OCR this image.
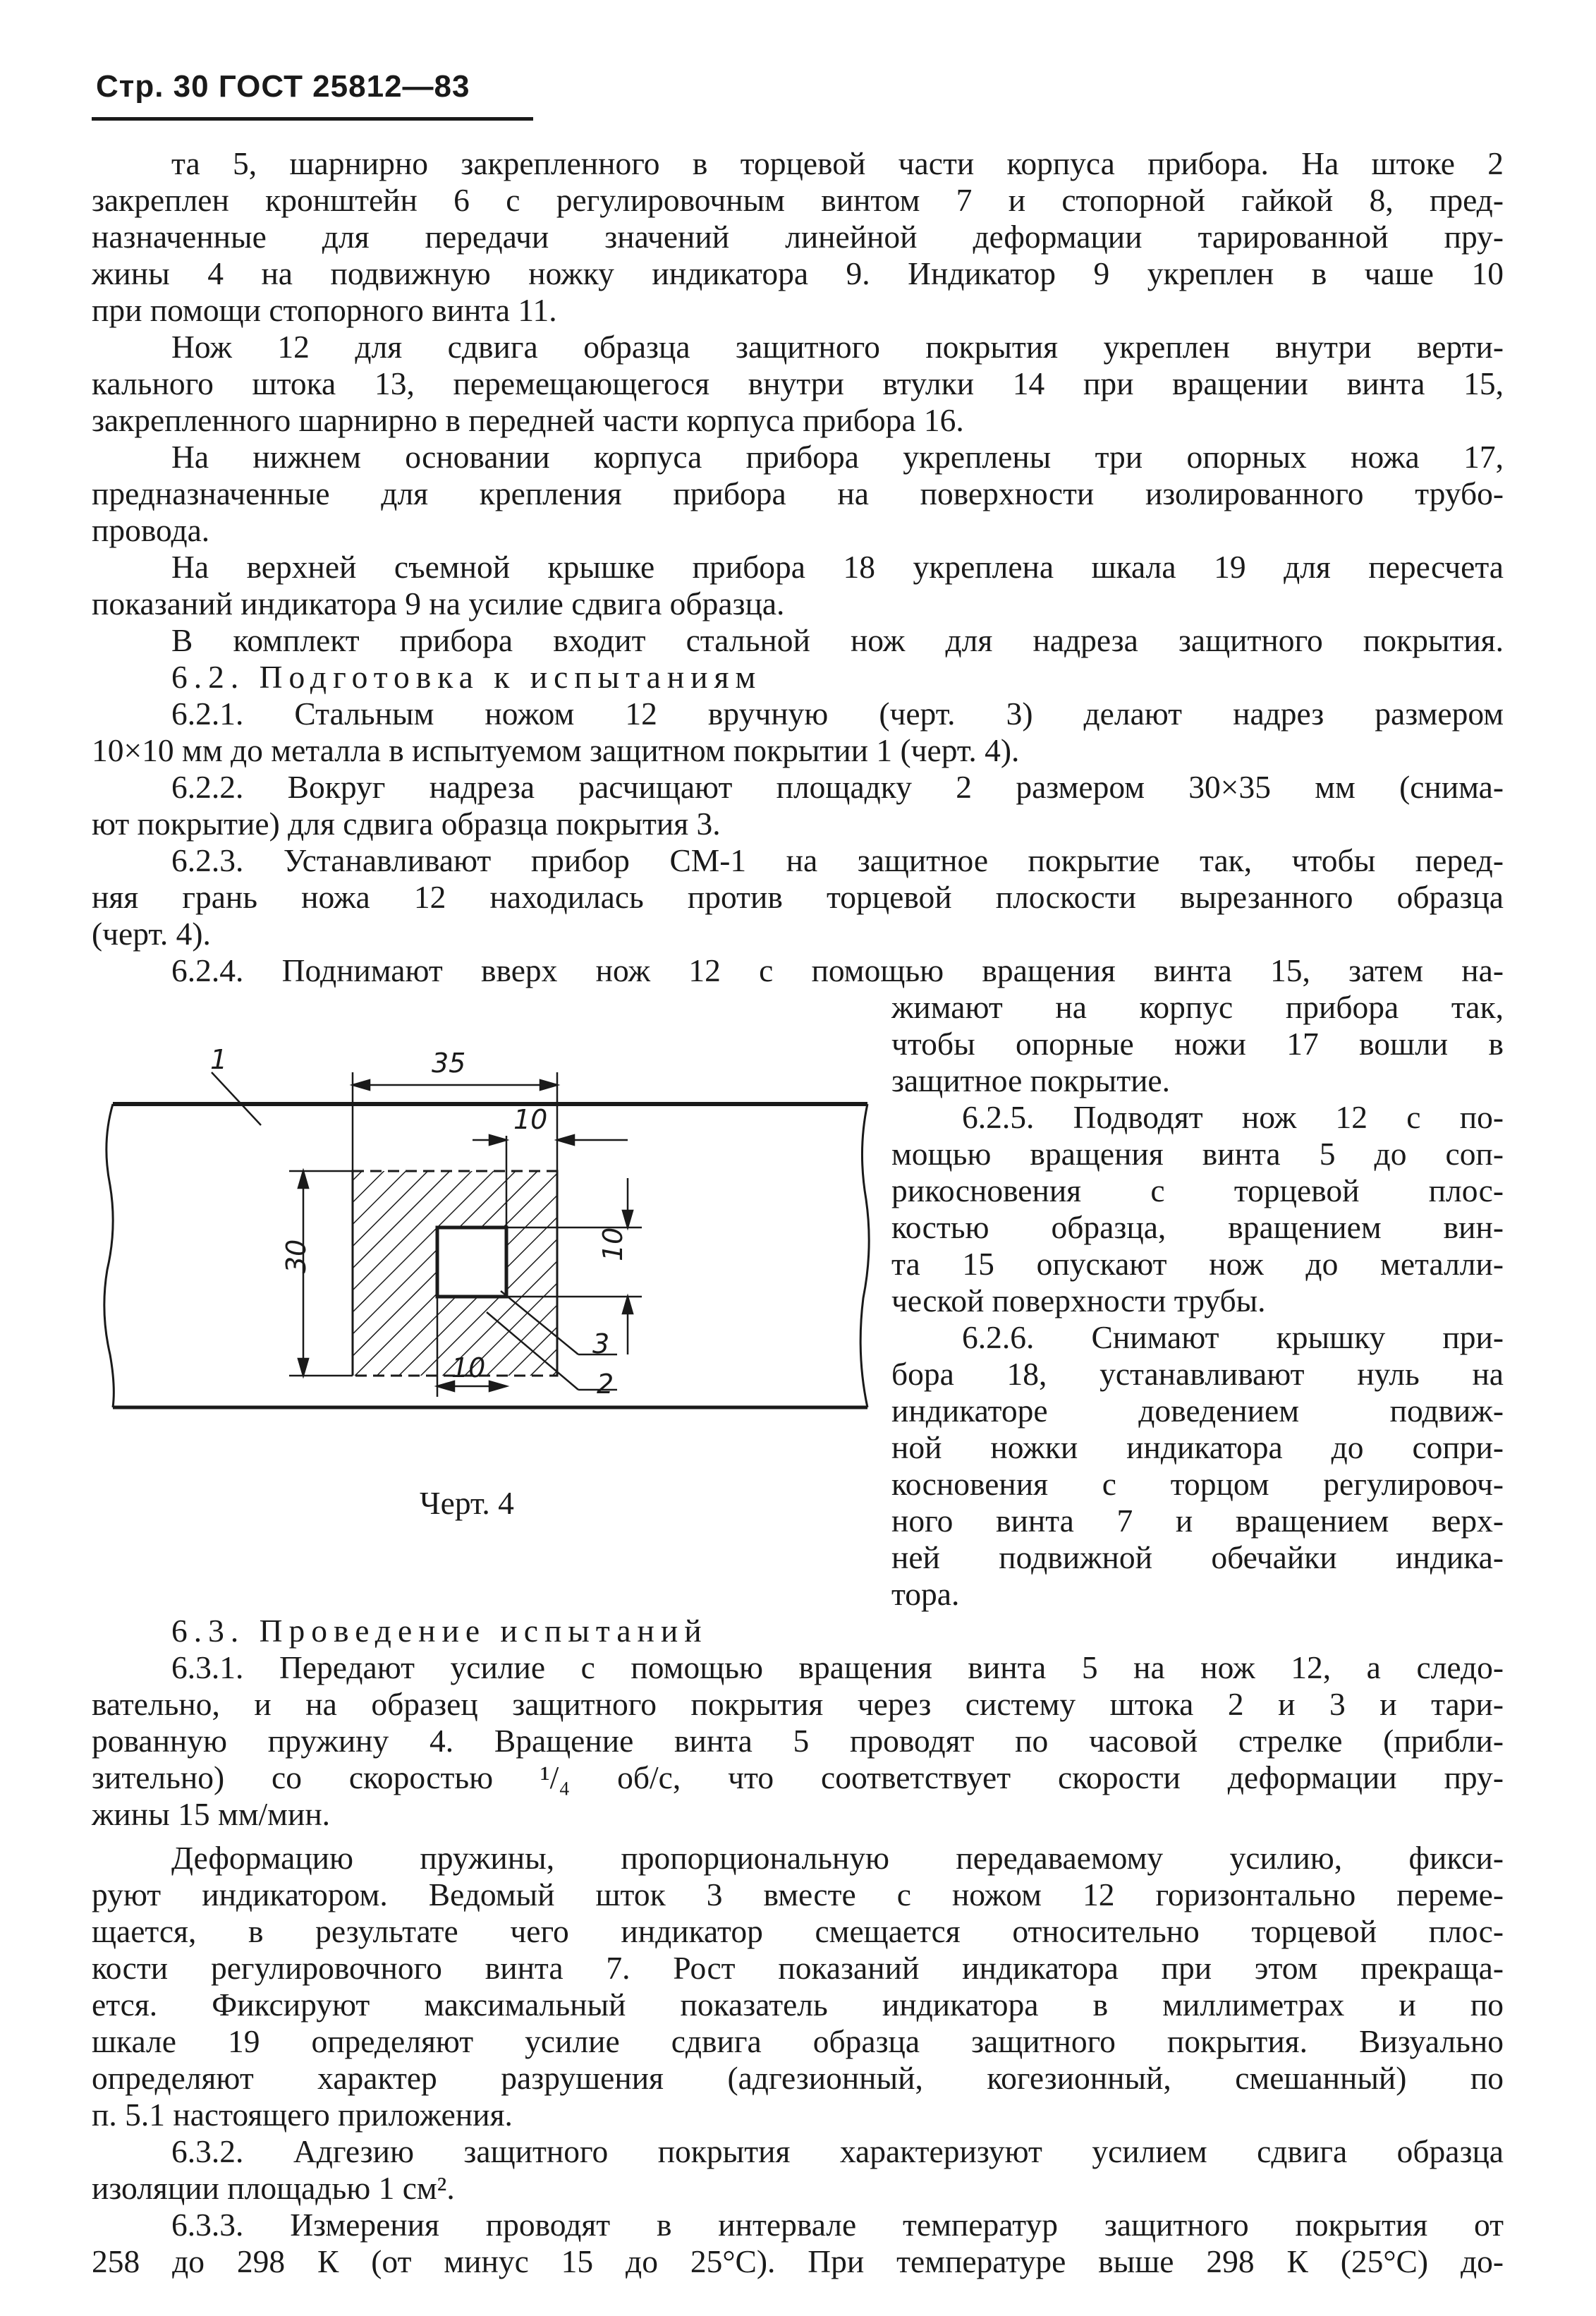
Стр. 30 ГОСТ 25812—83
та 5, шарнирно закрепленного в торцевой части корпуса прибора. На штоке 2
закреплен кронштейн 6 с регулировочным винтом 7 и стопорной гайкой 8, пред-
назначенные для передачи значений линейной деформации тарированной пру-
жины 4 на подвижную ножку индикатора 9. Индикатор 9 укреплен в чаше 10
при помощи стопорного винта 11.
Нож 12 для сдвига образца защитного покрытия укреплен внутри верти-
кального штока 13, перемещающегося внутри втулки 14 при вращении винта 15,
закрепленного шарнирно в передней части корпуса прибора 16.
На нижнем основании корпуса прибора укреплены три опорных ножа 17,
предназначенные для крепления прибора на поверхности изолированного трубо-
провода.
На верхней съемной крышке прибора 18 укреплена шкала 19 для пересчета
показаний индикатора 9 на усилие сдвига образца.
В комплект прибора входит стальной нож для надреза защитного покрытия.
6.2. Подготовка к испытаниям
6.2.1. Стальным ножом 12 вручную (черт. 3) делают надрез размером
10×10 мм до металла в испытуемом защитном покрытии 1 (черт. 4).
6.2.2. Вокруг надреза расчищают площадку 2 размером 30×35 мм (снима-
ют покрытие) для сдвига образца покрытия 3.
6.2.3. Устанавливают прибор СМ-1 на защитное покрытие так, чтобы перед-
няя грань ножа 12 находилась против торцевой плоскости вырезанного образца
(черт. 4).
6.2.4. Поднимают вверх нож 12 с помощью вращения винта 15, затем на-
жимают на корпус прибора так,
чтобы опорные ножи 17 вошли в
защитное покрытие.
6.2.5. Подводят нож 12 с по-
мощью вращения винта 5 до соп-
рикосновения с торцевой плос-
костью образца, вращением вин-
та 15 опускают нож до металли-
ческой поверхности трубы.
6.2.6. Снимают крышку при-
бора 18, устанавливают нуль на
индикаторе доведением подвиж-
ной ножки индикатора до сопри-
косновения с торцом регулировоч-
ного винта 7 и вращением верх-
ней подвижной обечайки индика-
тора.
1	35
10
30	10
3
2
10
Черт. 4
6.3. Проведение испытаний
6.3.1. Передают усилие с помощью вращения винта 5 на нож 12, а следо-
вательно, и на образец защитного покрытия через систему штока 2 и 3 и тари-
рованную пружину 4. Вращение винта 5 проводят по часовой стрелке (прибли-
зительно) со скоростью ¹/₄ об/с, что соответствует скорости деформации пру-
жины 15 мм/мин.
Деформацию пружины, пропорциональную передаваемому усилию, фикси-
руют индикатором. Ведомый шток 3 вместе с ножом 12 горизонтально переме-
щается, в результате чего индикатор смещается относительно торцевой плос-
кости регулировочного винта 7. Рост показаний индикатора при этом прекраща-
ется. Фиксируют максимальный показатель индикатора в миллиметрах и по
шкале 19 определяют усилие сдвига образца защитного покрытия. Визуально
определяют характер разрушения (адгезионный, когезионный, смешанный) по
п. 5.1 настоящего приложения.
6.3.2. Адгезию защитного покрытия характеризуют усилием сдвига образца
изоляции площадью 1 см².
6.3.3. Измерения проводят в интервале температур защитного покрытия от
258 до 298 К (от минус 15 до 25°С). При температуре выше 298 К (25°С) до-
